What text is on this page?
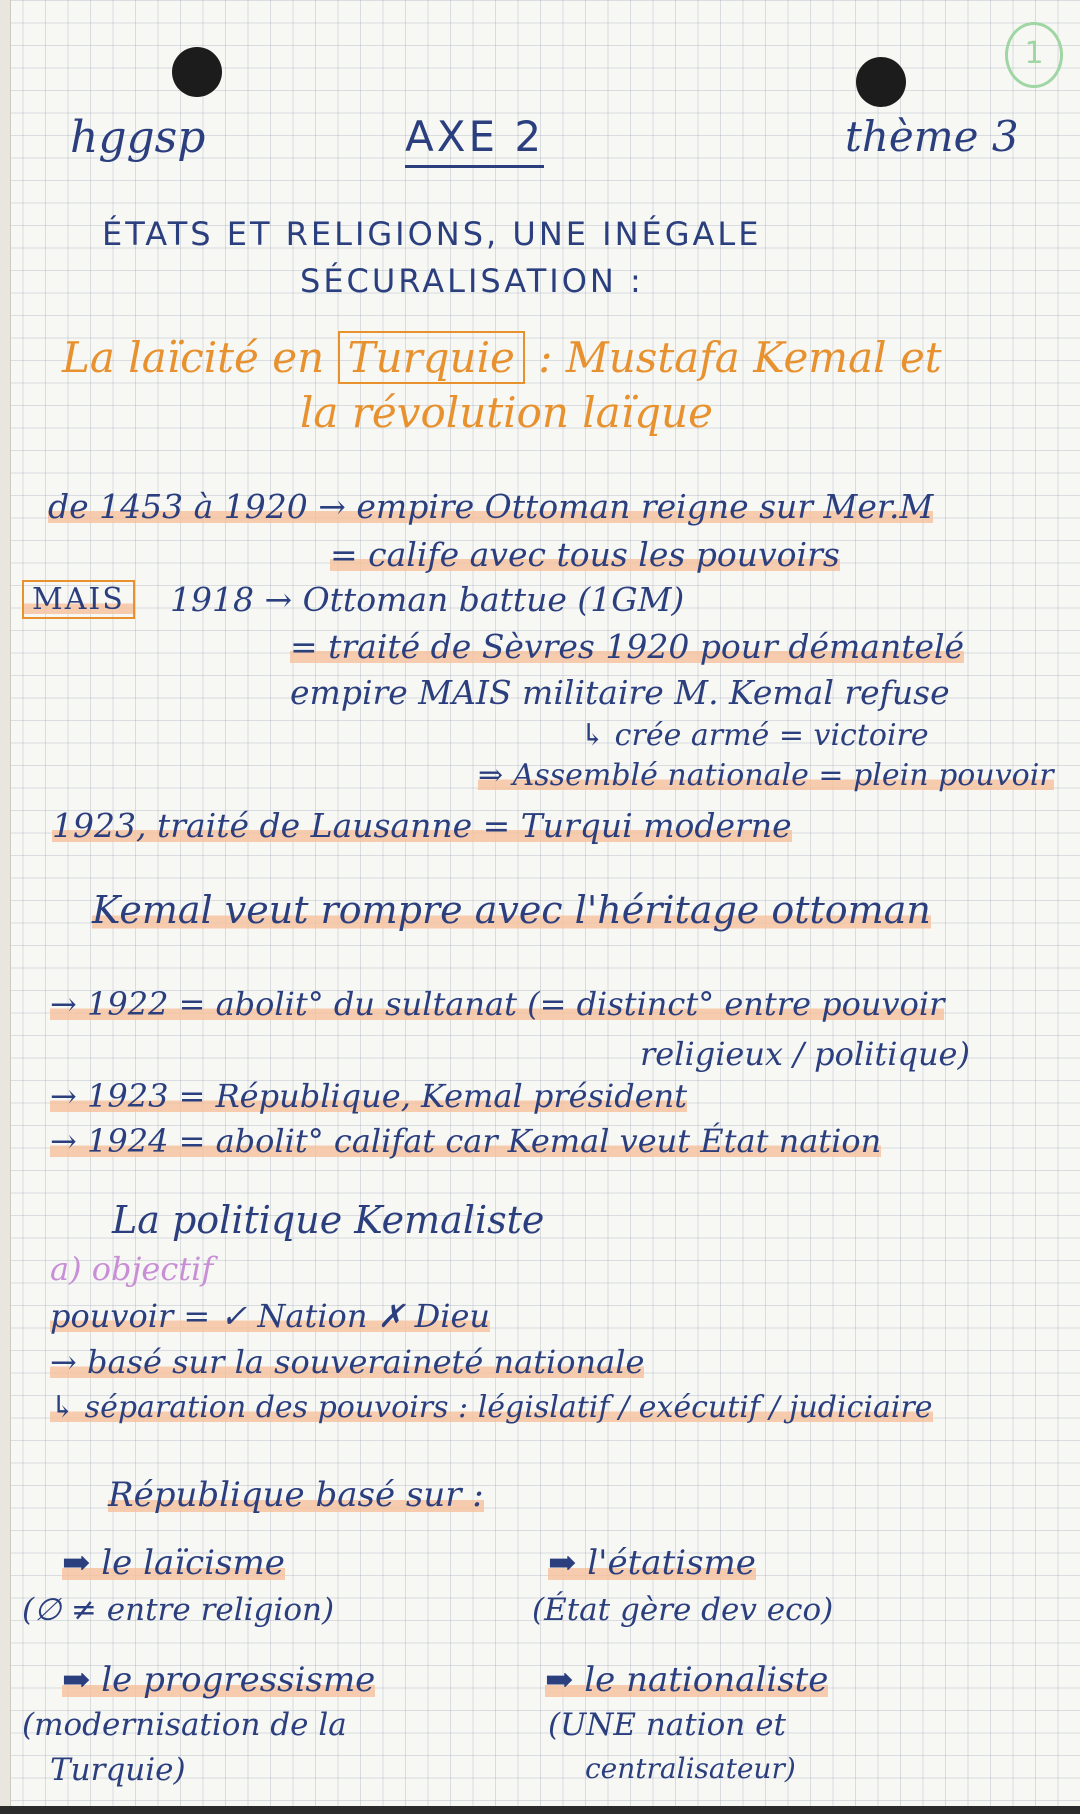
1
hggsp	AXE 2	thème 3
ÉTATS ET RELIGIONS, UNE INÉGALE
SÉCURALISATION :
La laïcité en Turquie : Mustafa Kemal et
la révolution laïque
de 1453 à 1920 → empire Ottoman reigne sur Mer.M
= calife avec tous les pouvoirs
MAIS	1918 → Ottoman battue (1GM)
= traité de Sèvres 1920 pour démantelé
empire MAIS militaire M. Kemal refuse
↳ crée armé = victoire
⇒ Assemblé nationale = plein pouvoir
1923, traité de Lausanne = Turqui moderne
Kemal veut rompre avec l'héritage ottoman
→ 1922 = abolit° du sultanat (= distinct° entre pouvoir
religieux / politique)
→ 1923 = République, Kemal président
→ 1924 = abolit° califat car Kemal veut État nation
La politique Kemaliste
a) objectif
pouvoir = ✓ Nation ✗ Dieu
→ basé sur la souveraineté nationale
↳ séparation des pouvoirs : législatif / exécutif / judiciaire
République basé sur :
➡ le laïcisme
(∅ ≠ entre religion)
➡ l'étatisme
(État gère dev eco)
➡ le progressisme
(modernisation de la
Turquie)
➡ le nationaliste
(UNE nation et
centralisateur)
